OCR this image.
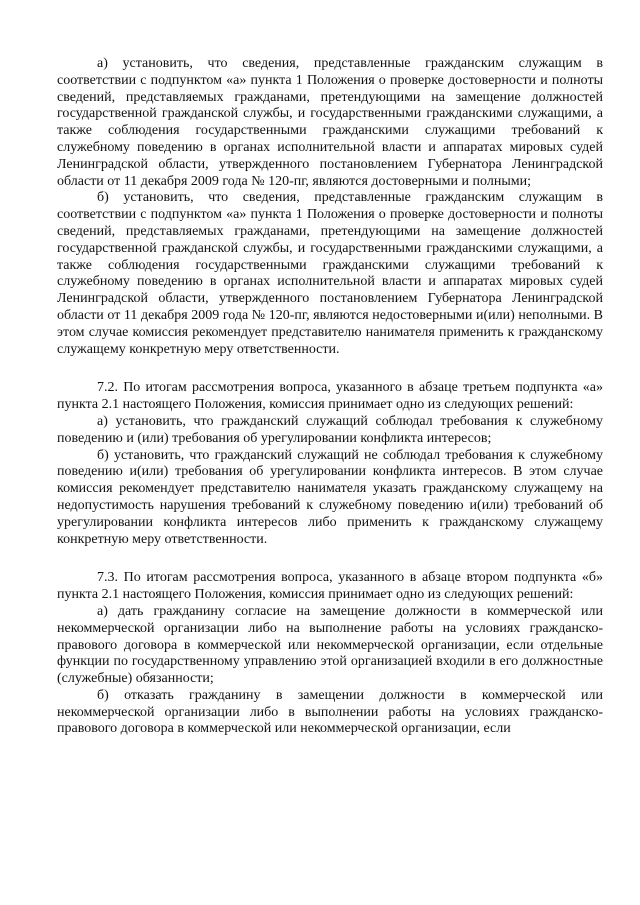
а) установить, что сведения, представленные гражданским служащим в соответствии с подпунктом «а» пункта 1 Положения о проверке достоверности и полноты сведений, представляемых гражданами, претендующими на замещение должностей государственной гражданской службы, и государственными гражданскими служащими, а также соблюдения государственными гражданскими служащими требований к служебному поведению в органах исполнительной власти и аппаратах мировых судей Ленинградской области, утвержденного постановлением Губернатора Ленинградской области от 11 декабря 2009 года № 120-пг, являются достоверными и полными;

б) установить, что сведения, представленные гражданским служащим в соответствии с подпунктом «а» пункта 1 Положения о проверке достоверности и полноты сведений, представляемых гражданами, претендующими на замещение должностей государственной гражданской службы, и государственными гражданскими служащими, а также соблюдения государственными гражданскими служащими требований к служебному поведению в органах исполнительной власти и аппаратах мировых судей Ленинградской области, утвержденного постановлением Губернатора Ленинградской области от 11 декабря 2009 года № 120-пг, являются недостоверными и(или) неполными. В этом случае комиссия рекомендует представителю нанимателя применить к гражданскому служащему конкретную меру ответственности.

7.2. По итогам рассмотрения вопроса, указанного в абзаце третьем подпункта «а» пункта 2.1 настоящего Положения, комиссия принимает одно из следующих решений:

а) установить, что гражданский служащий соблюдал требования к служебному поведению и (или) требования об урегулировании конфликта интересов;

б) установить, что гражданский служащий не соблюдал требования к служебному поведению и(или) требования об урегулировании конфликта интересов. В этом случае комиссия рекомендует представителю нанимателя указать гражданскому служащему на недопустимость нарушения требований к служебному поведению и(или) требований об урегулировании конфликта интересов либо применить к гражданскому служащему конкретную меру ответственности.

7.3. По итогам рассмотрения вопроса, указанного в абзаце втором подпункта «б» пункта 2.1 настоящего Положения, комиссия принимает одно из следующих решений:

а) дать гражданину согласие на замещение должности в коммерческой или некоммерческой организации либо на выполнение работы на условиях гражданско-правового договора в коммерческой или некоммерческой организации, если отдельные функции по государственному управлению этой организацией входили в его должностные (служебные) обязанности;

б) отказать гражданину в замещении должности в коммерческой или некоммерческой организации либо в выполнении работы на условиях гражданско-правового договора в коммерческой или некоммерческой организации, если
